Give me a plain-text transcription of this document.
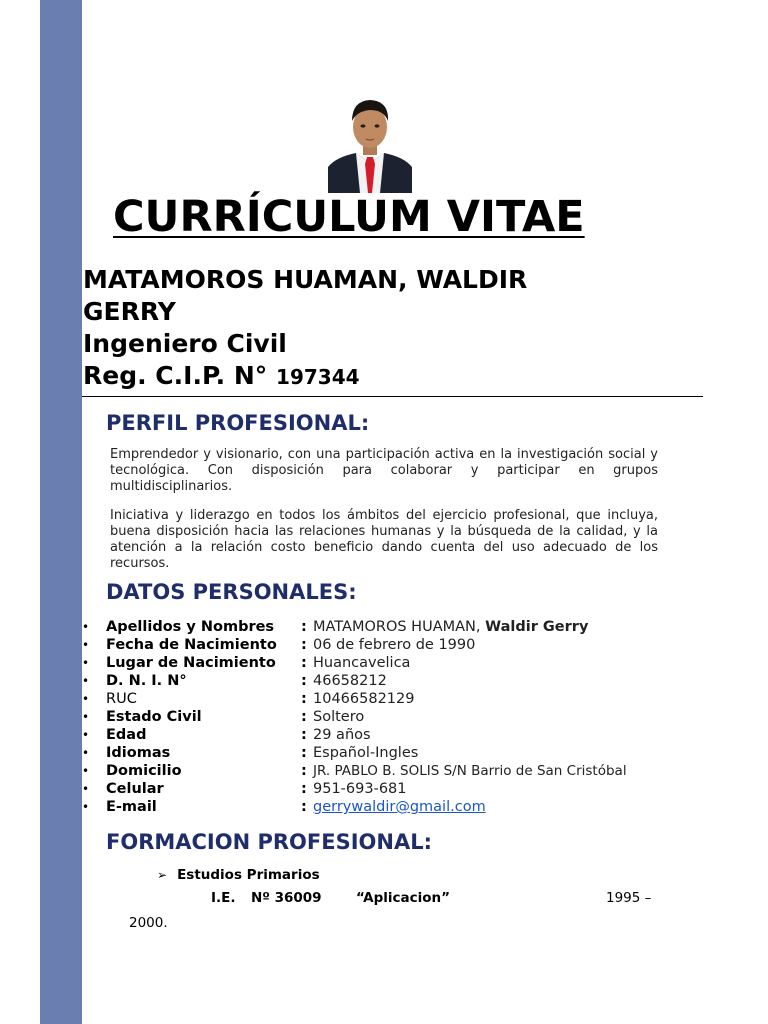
CURRÍCULUM VITAE
MATAMOROS HUAMAN, WALDIR
GERRY
Ingeniero Civil
Reg. C.I.P. N° 197344
PERFIL PROFESIONAL:
Emprendedor y visionario, con una participación activa en la investigación social y tecnológica. Con disposición para colaborar y participar en grupos multidisciplinarios.
Iniciativa y liderazgo en todos los ámbitos del ejercicio profesional, que incluya, buena disposición hacia las relaciones humanas y la búsqueda de la calidad, y la atención a la relación costo beneficio dando cuenta del uso adecuado de los recursos.
DATOS PERSONALES:
• Apellidos y Nombres : MATAMOROS HUAMAN, Waldir Gerry
• Fecha de Nacimiento : 06 de febrero de 1990
• Lugar de Nacimiento : Huancavelica
• D. N. I. N°	: 46658212
• RUC	: 10466582129
• Estado Civil	: Soltero
• Edad	: 29 años
• Idiomas	: Español-Ingles
• Domicilio	: JR. PABLO B. SOLIS S/N Barrio de San Cristóbal
• Celular	: 951-693-681
• E-mail	: gerrywaldir@gmail.com
FORMACION PROFESIONAL:
➢ Estudios Primarios
I.E. Nº 36009	“Aplicacion”	1995 –
2000.
